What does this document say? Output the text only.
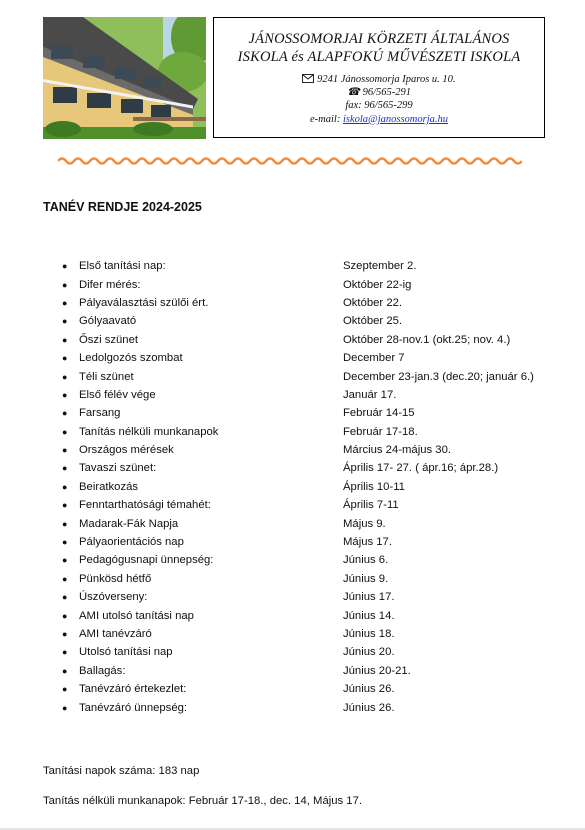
JÁNOSSOMORJAI KÖRZETI ÁLTALÁNOS
ISKOLA és ALAPFOKÚ MŰVÉSZETI ISKOLA
9241 Jánossomorja Iparos u. 10.
☎ 96/565-291
fax: 96/565-299
e-mail: iskola@janossomorja.hu
TANÉV RENDJE 2024-2025
●	Első tanítási nap:	Szeptember 2.
●	Difer mérés:	Október 22-ig
●	Pályaválasztási szülői ért.	Október 22.
●	Gólyaavató	Október 25.
●	Őszi szünet	Október 28-nov.1 (okt.25; nov. 4.)
●	Ledolgozós szombat	December 7
●	Téli szünet	December 23-jan.3 (dec.20; január 6.)
●	Első félév vége	Január 17.
●	Farsang	Február 14-15
●	Tanítás nélküli munkanapok	Február 17-18.
●	Országos mérések	Március 24-május 30.
●	Tavaszi szünet:	Április 17- 27. ( ápr.16; ápr.28.)
●	Beiratkozás	Április 10-11
●	Fenntarthatósági témahét:	Április 7-11
●	Madarak-Fák Napja	Május 9.
●	Pályaorientációs nap	Május 17.
●	Pedagógusnapi ünnepség:	Június 6.
●	Pünkösd hétfő	Június 9.
●	Úszóverseny:	Június 17.
●	AMI utolsó tanítási nap	Június 14.
●	AMI tanévzáró	Június 18.
●	Utolsó tanítási nap	Június 20.
●	Ballagás:	Június 20-21.
●	Tanévzáró értekezlet:	Június 26.
●	Tanévzáró ünnepség:	Június 26.
Tanítási napok száma: 183 nap
Tanítás nélküli munkanapok: Február 17-18., dec. 14, Május 17.
